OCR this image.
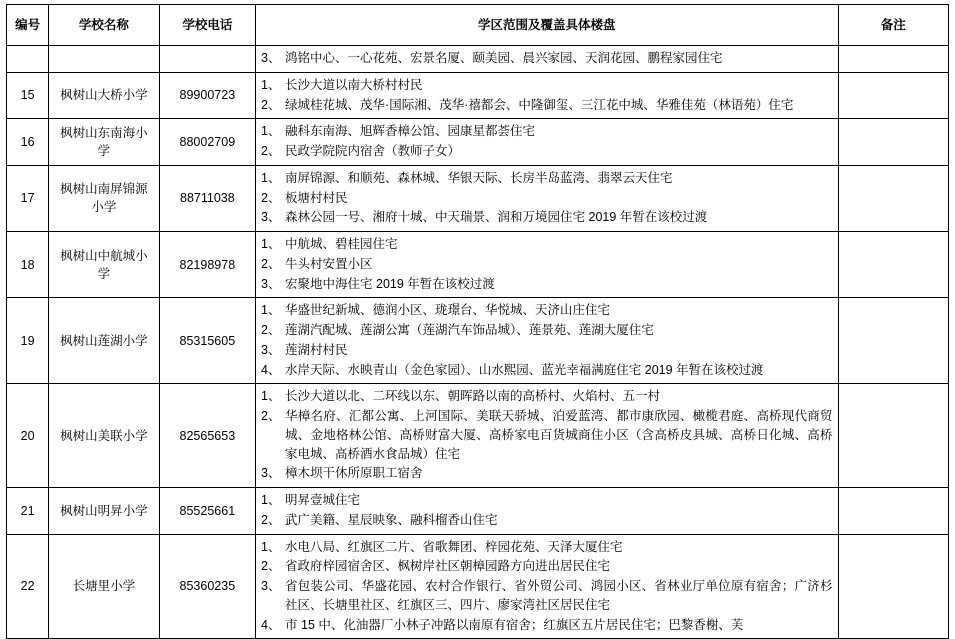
编号	学校名称	学校电话	学区范围及覆盖具体楼盘	备注

3、 鸿铭中心、一心花苑、宏景名厦、颐美园、晨兴家园、天润花园、鹏程家园住宅

15	枫树山大桥小学	89900723	
1、 长沙大道以南大桥村村民
2、 绿城桂花城、茂华·国际湘、茂华·禧都会、中隆御玺、三江花中城、华雅佳苑（林语苑）住宅

16	枫树山东南海小学	88002709	
1、 融科东南海、旭辉香樟公馆、园康星都荟住宅
2、 民政学院院内宿舍（教师子女）

17	枫树山南屏锦源小学	88711038	
1、 南屏锦源、和顺苑、森林城、华银天际、长房半岛蓝湾、翡翠云天住宅
2、 板塘村村民
3、 森林公园一号、湘府十城、中天瑞景、润和万境园住宅 2019 年暂在该校过渡

18	枫树山中航城小学	82198978	
1、 中航城、碧桂园住宅
2、 牛头村安置小区
3、 宏聚地中海住宅 2019 年暂在该校过渡

19	枫树山莲湖小学	85315605	
1、 华盛世纪新城、德润小区、珑璟台、华悦城、天济山庄住宅
2、 莲湖汽配城、莲湖公寓（莲湖汽车饰品城）、莲景苑、莲湖大厦住宅
3、 莲湖村村民
4、 水岸天际、水映青山（金色家园）、山水熙园、蓝光幸福满庭住宅 2019 年暂在该校过渡

20	枫树山美联小学	82565653	
1、 长沙大道以北、二环线以东、朝晖路以南的高桥村、火焰村、五一村
2、 华樟名府、汇都公寓、上河国际、美联天骄城、泊爱蓝湾、都市康欣园、橄榄君庭、高桥现代商贸城、金地格林公馆、高桥财富大厦、高桥家电百货城商住小区（含高桥皮具城、高桥日化城、高桥家电城、高桥酒水食品城）住宅
3、 樟木坝干休所原职工宿舍

21	枫树山明昇小学	85525661	
1、 明昇壹城住宅
2、 武广美籍、星辰映象、融科榴香山住宅

22	长塘里小学	85360235	
1、 水电八局、红旗区二片、省歌舞团、梓园花苑、天泽大厦住宅
2、 省政府梓园宿舍区、枫树岸社区朝樟园路方向进出居民住宅
3、 省包装公司、华盛花园、农村合作银行、省外贸公司、鸿园小区、省林业厅单位原有宿舍；广济杉社区、长塘里社区、红旗区三、四片、廖家湾社区居民住宅
4、 市 15 中、化油器厂小林子冲路以南原有宿舍；红旗区五片居民住宅；巴黎香榭、芙
